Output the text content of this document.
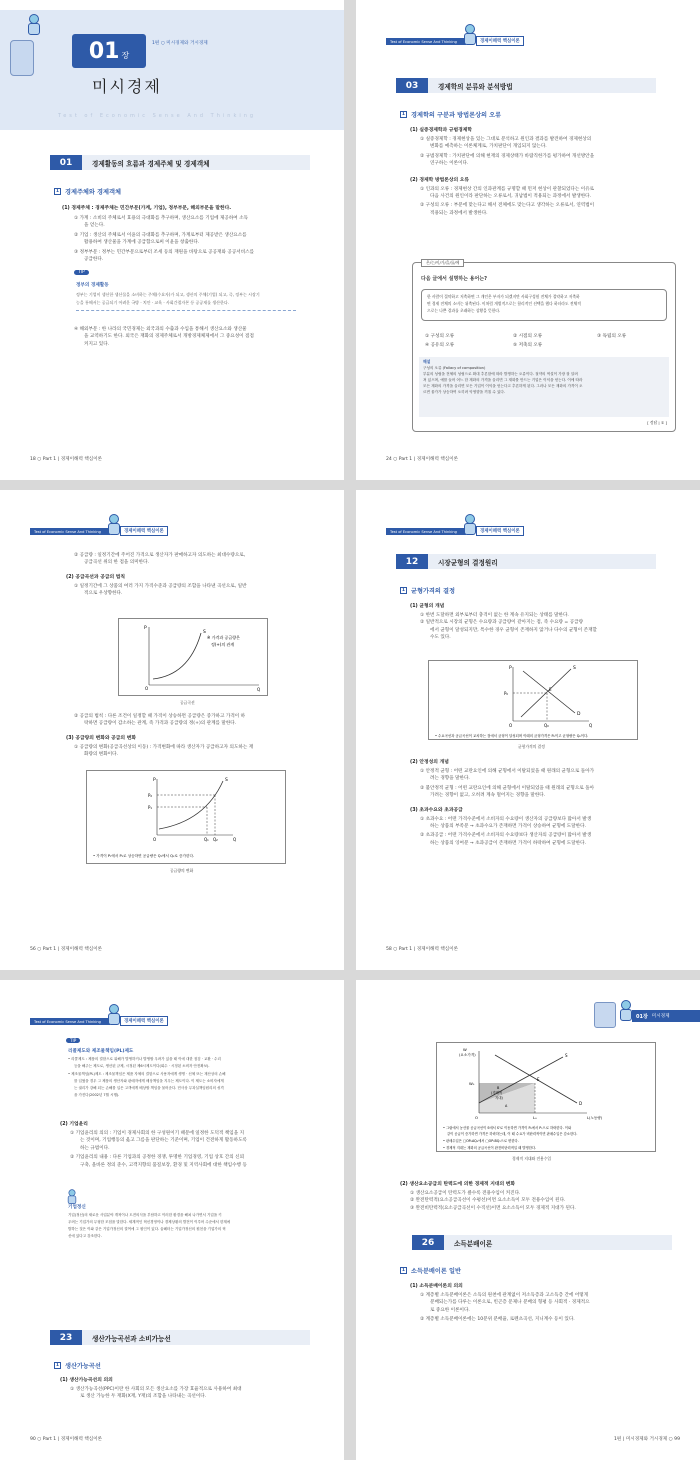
01 장
1편 ○ 미시경제와 거시경제
미시경제
Test of Economic Sense And Thinking
01	경제활동의 흐름과 경제주체 및 경제객체
1 경제주체와 경제객체
(1) 경제주체 : 경제주체는 민간부문(가계, 기업), 정부부문, 해외부문을 말한다.
① 가계 : 소비의 주체로서 효용의 극대화를 추구하며, 생산요소를 기업에 제공하여 소득
을 얻는다.
② 기업 : 생산의 주체로서 이윤의 극대화를 추구하며, 가계로부터 제공받은 생산요소를
활용하여 생산물을 가계에 공급함으로써 이윤을 창출한다.
③ 정부부문 : 정부는 민간부문으로부터 조세 등의 재원을 바탕으로 공공재와 공공서비스를
공급한다.
TIP
정부의 경제활동
정부는 기업이 생산한 생산물을 소비하는 주체(수요자)가 되고, 생산의 주체(기업) 되고, 즉, 정부는 시장기
능을 통해서는 공급되기 어려운 국방 · 치안 · 교육 · 사회간접자본 등 공공재를 생산한다.
④ 해외부문 : 한 나라의 국민경제는 외국과의 수출과 수입을 통해서 생산요소와 생산물
을 교역하기도 한다. 외국은 재화의 경제주체로서 개방경제체제에서 그 중요성이 점점
커지고 있다.
18 ○ Part 1 | 경제이해력 핵심이론
Test of Economic Sense And Thinking	경제이해력 핵심이론
03	경제학의 분류와 분석방법
1 경제학의 구분과 방법론상의 오류
(1) 실증경제학과 규범경제학
① 실증경제학 : 경제현상을 있는 그대로 분석하고 원인과 결과를 발견하여 경제현상의
변화를 예측하는 이론체계로, 가치판단이 개입되지 않는다.
② 규범경제학 : 가치판단에 의해 현재의 경제상태가 바람직한가를 평가하여 개선방안을
연구하는 이론이다.
(2) 경제학 방법론상의 오류
① 인과의 오류 : 경제현상 간의 인과관계를 규명할 때 먼저 현상이 관찰되었다는 이유로
다음 사건의 원인이라 판단하는 오류로서, 귀납법이 적용되는 과정에서 발생한다.
② 구성의 오류 : 부분에 맞는다고 해서 전체에도 맞는다고 생각하는 오류로서, 연역법이
적용되는 과정에서 발생한다.
은/는/이/가/을/를/에
다음 글에서 설명하는 용어는?
한 사람이 절약하고 저축하면 그 개인은 부자가 되겠지만 사회구성원 전체가 절약하고 저축하
면 경제 전체의 소비는 위축된다. 이처럼 개별적으로는 합리적인 선택을 했다 하더라도 전체적
으로는 나쁜 결과를 초래하는 상황을 뜻한다.
① 구성의 오류	② 시점의 오류	③ 독립의 오류
④ 공유의 오류	⑤ 저축의 오류
해설
구성의 오류 (Fallacy of composition)
부분의 성립을 전체의 성립으로 확대 추론함에 따라 발생하는 오류이다. 절약의 역설이 가장 잘 알려
져 있으며, 예를 들어 어느 한 재화의 가격을 올리면 그 재화를 만드는 기업은 이익을 얻는다. 이에 따라
모든 재화의 가격을 올리면 모든 기업이 이익을 얻는다고 추론하게 된다. 그러나 모든 재화의 가격이 오
르면 물가가 상승하여 오히려 악영향을 끼칠 수 있다.
[ 정답 | ① ]
24 ○ Part 1 | 경제이해력 핵심이론
Test of Economic Sense And Thinking	경제이해력 핵심이론
② 공급량 : 일정기간에 주어진 가격으로 생산자가 판매하고자 의도하는 최대수량으로,
공급곡선 위의 한 점을 의미한다.
(2) 공급곡선과 공급의 법칙
① 일정기간에 그 상품의 여러 가지 가격수준과 공급량의 조합을 나타낸 곡선으로, 일반
적으로 우상향한다.
P
S
※ 가격과 공급량은
정(+)의 관계
O	Q
공급곡선
② 공급의 법칙 : 다른 조건이 일정할 때 가격이 상승하면 공급량은 증가하고 가격이 하
락하면 공급량이 감소하는 관계, 즉 가격과 공급량의 정(+)의 관계를 말한다.
(3) 공급량의 변화와 공급의 변화
① 공급량의 변화(공급곡선상의 이동) : 가격변화에 따라 생산자가 공급하고자 의도하는 재
화량의 변화이다.
P	S
P₂
P₁
Q₁ Q₂
O	Q
• 가격이 P₁에서 P₂로 상승하면 공급량은 Q₁에서 Q₂로 증가한다.
공급량의 변화
56 ○ Part 1 | 경제이해력 핵심이론
Test of Economic Sense And Thinking	경제이해력 핵심이론
12	시장균형의 결정원리
1 균형가격의 결정
(1) 균형의 개념
① 한번 도달하면 외부로부터 충격이 없는 한 계속 유지되는 상태를 말한다.
② 일반적으로 시장의 균형은 수요량과 공급량이 같아지는 점, 즉 수요량 = 공급량
에서 균형이 달성되지만, 특수한 경우 균형이 존재하지 않거나 다수의 균형이 존재할
수도 있다.
P	S
D
E
P₀
Q₀
O	Q
• 수요곡선과 공급곡선이 교차하는 점에서 균형이 달성되며 이때의 균형가격은 P₀이고 균형량은 Q₀이다.
균형가격의 결정
(2) 안정성의 개념
① 안정적 균형 : 어떤 교란요인에 의해 균형에서 이탈되었을 때 원래의 균형으로 돌아가
려는 경향을 말한다.
② 불안정적 균형 : 어떤 교란요인에 의해 균형에서 이탈되었을 때 원래의 균형으로 돌아
가려는 경향이 없고, 오히려 계속 멀어지는 경향을 말한다.
(3) 초과수요와 초과공급
① 초과수요 : 어떤 가격수준에서 소비자의 수요량이 생산자의 공급량보다 많아서 발생
하는 상품의 부족분 → 초과수요가 존재하면 가격이 상승하여 균형에 도달한다.
② 초과공급 : 어떤 가격수준에서 소비자의 수요량보다 생산자의 공급량이 많아서 발생
하는 상품의 잉여분 → 초과공급이 존재하면 가격이 하락하여 균형에 도달한다.
58 ○ Part 1 | 경제이해력 핵심이론
Test of Economic Sense And Thinking	경제이해력 핵심이론
TIP
리콜제도와 제조물책임(PL)제도
• 리콜제도 : 제품의 결함으로 위해가 발생하거나 발생할 우려가 있을 때 이에 대한 점검 · 교환 · 수리
등을 해주는 제도로, 생산된 규제, 시정된 제6시제도이다(회수 · 시정된 소비자 안전확보).
• 제조물책임(PL)제도 : 제조물책임은 제품 자체의 결함으로 사용자에게 생명 · 신체 또는 재산상의 손해
를 입혔을 경우 그 제품의 생산자와 판매자에게 배상책임을 지우는 제도이다. 이 제도는 소비자에게
는 권리가 강해 되는 손해를 입은 고객에게 배상할 책임을 물어준다. 민사상 무과실책임원리의 성격
을 가진다(2002년 7월 시행).
(2) 기업윤리
① 기업윤리의 의의 : 기업이 경제사회의 한 구성원이기 때문에 일정한 도덕적 책임을 지
는 것이며, 기업행동의 옳고 그름을 판단하는 기준이며, 기업이 건전하게 활동하도록
하는 규범이다.
② 기업윤리의 내용 : 다른 기업과의 공정한 경쟁, 투명한 기업경영, 기업 상호 간의 신뢰
구축, 올바른 정의 준수, 고객지향의 품질보장, 환경 및 지역사회에 대한 책임수행 등
기업정신
기업(정신)의 새로운 사업분야 개척이나 도전의식을 부담하고 이러한 환경을 해쳐 나가면서 기업을 키
우려는 기업가의 무형한 모험을 말한다. 세계적인 혁신경영이나 경제상황의 발전이 이루어 수준에서 한계에
발하는 것은 이와 같은 기업가정신의 결여에 그 원인이 있다. 슘페터는 기업가정신의 원천을 기업가의 혁
신에 있다고 강조한다.
23	생산가능곡선과 소비가능선
1 생산가능곡선
(1) 생산가능곡선의 의의
① 생산가능곡선(PPC)이란 한 사회의 모든 생산요소를 가장 효율적으로 사용하여 최대
로 생산 가능한 두 재화(X재, Y재)의 조합을 나타내는 곡선이다.
90 ○ Part 1 | 경제이해력 핵심이론
01장 미시경제
W
(요소가격)
W₀
S
D
E
B
(경제적
지대)
A
L₀
O	L(노동량)
• 그림에서 농산물 공급곡선이 S에서 S'로 이동하면 가격이 P₀에서 P₁으로 하락한다. 이와
같이 공급이 증가하면 가격은 하락하는데, 이 때 수요가 비탄력적이면 판매수입은 감소한다.
• 판매수입은 □OP₀AQ₀에서 □OP₁BQ₁으로 변한다.
• 경제적 지대는 재화의 공급곡선이 완전비탄력적일 때 발생한다.
경제적 지대와 전용수입
(2) 생산요소공급의 탄력도에 의한 경제적 지대의 변화
① 생산요소공급이 탄력도가 클수록 전용수입이 커진다.
② 완전탄력적(요소공급곡선이 수평선)이면 요소소득이 모두 전용수입이 된다.
③ 완전비탄력적(요소공급곡선이 수직선)이면 요소소득이 모두 경제적 지대가 된다.
26	소득분배이론
1 소득분배이론 일반
(1) 소득분배이론의 의의
① 계층별 소득분배이론은 소득의 원천에 관계없이 저소득층과 고소득층 간에 어떻게
분배되는가를 다루는 이론으로, 빈곤층 문제나 분배의 형평 등 사회적 · 경제적으
로 중요한 이론이다.
② 계층별 소득분배이론에는 10분위 분배율, 로렌츠곡선, 지니계수 등이 있다.
1편 | 미시경제와 거시경제 ○ 99
